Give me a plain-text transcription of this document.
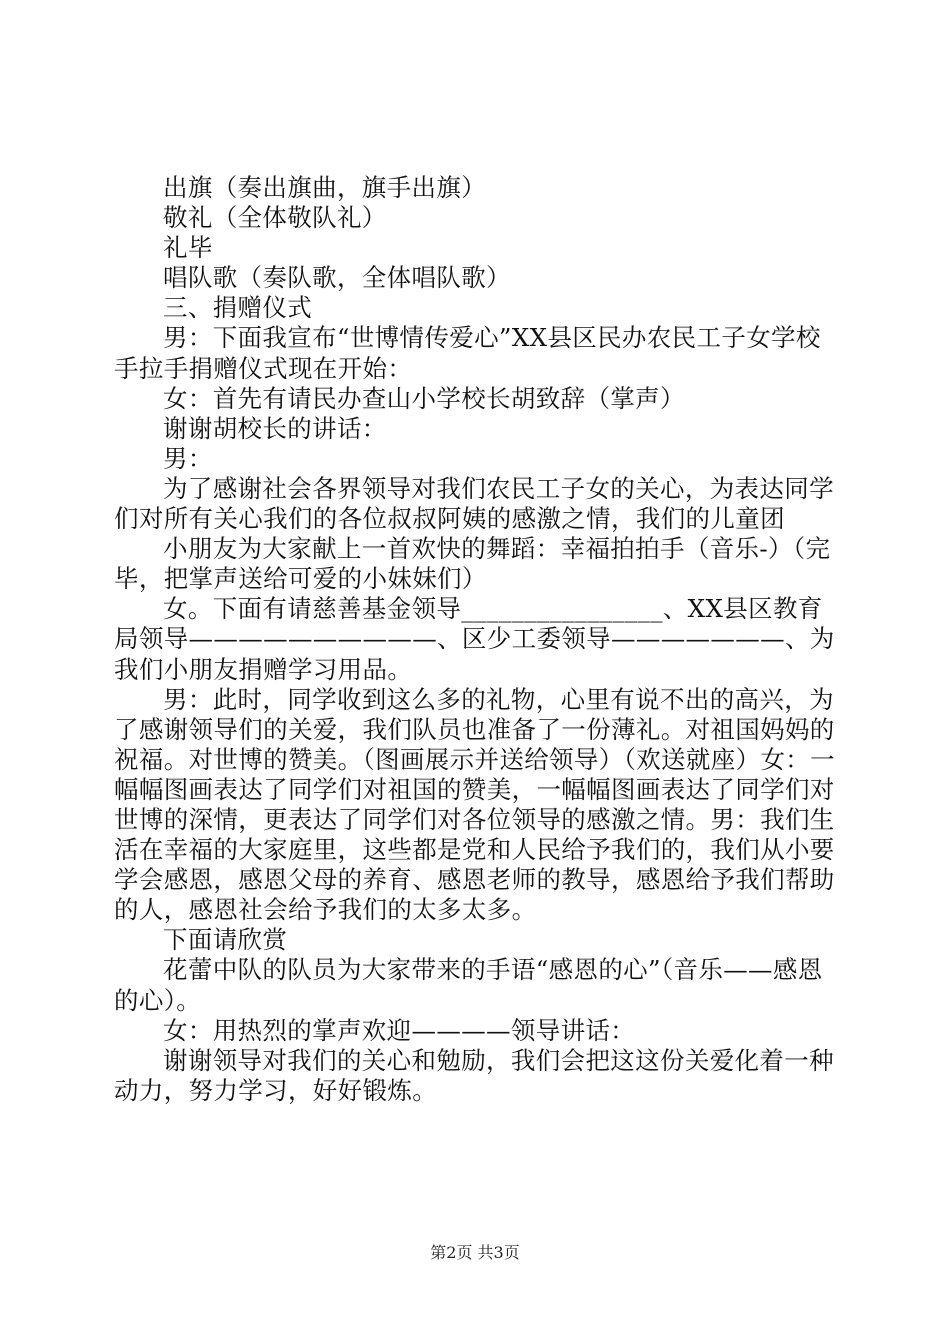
出旗（奏出旗曲，旗手出旗）

敬礼（全体敬队礼）

礼毕

唱队歌（奏队歌，全体唱队歌）

三、捐赠仪式

男：下面我宣布“世博情传爱心”XX县区民办农民工子女学校手拉手捐赠仪式现在开始：

女：首先有请民办查山小学校长胡致辞（掌声）

谢谢胡校长的讲话：

男：

为了感谢社会各界领导对我们农民工子女的关心，为表达同学们对所有关心我们的各位叔叔阿姨的感激之情，我们的儿童团

小朋友为大家献上一首欢快的舞蹈：幸福拍拍手（音乐-）（完毕，把掌声送给可爱的小妹妹们）

女。下面有请慈善基金领导________________、XX县区教育局领导——————————、区少工委领导———————、为我们小朋友捐赠学习用品。

男：此时，同学收到这么多的礼物，心里有说不出的高兴，为了感谢领导们的关爱，我们队员也准备了一份薄礼。对祖国妈妈的祝福。对世博的赞美。（图画展示并送给领导）（欢送就座）女：一幅幅图画表达了同学们对祖国的赞美，一幅幅图画表达了同学们对世博的深情，更表达了同学们对各位领导的感激之情。男：我们生活在幸福的大家庭里，这些都是党和人民给予我们的，我们从小要学会感恩，感恩父母的养育、感恩老师的教导，感恩给予我们帮助的人，感恩社会给予我们的太多太多。

下面请欣赏

花蕾中队的队员为大家带来的手语“感恩的心”（音乐——感恩的心）。

女：用热烈的掌声欢迎————领导讲话：

谢谢领导对我们的关心和勉励，我们会把这这份关爱化着一种动力，努力学习，好好锻炼。

第2页 共3页
